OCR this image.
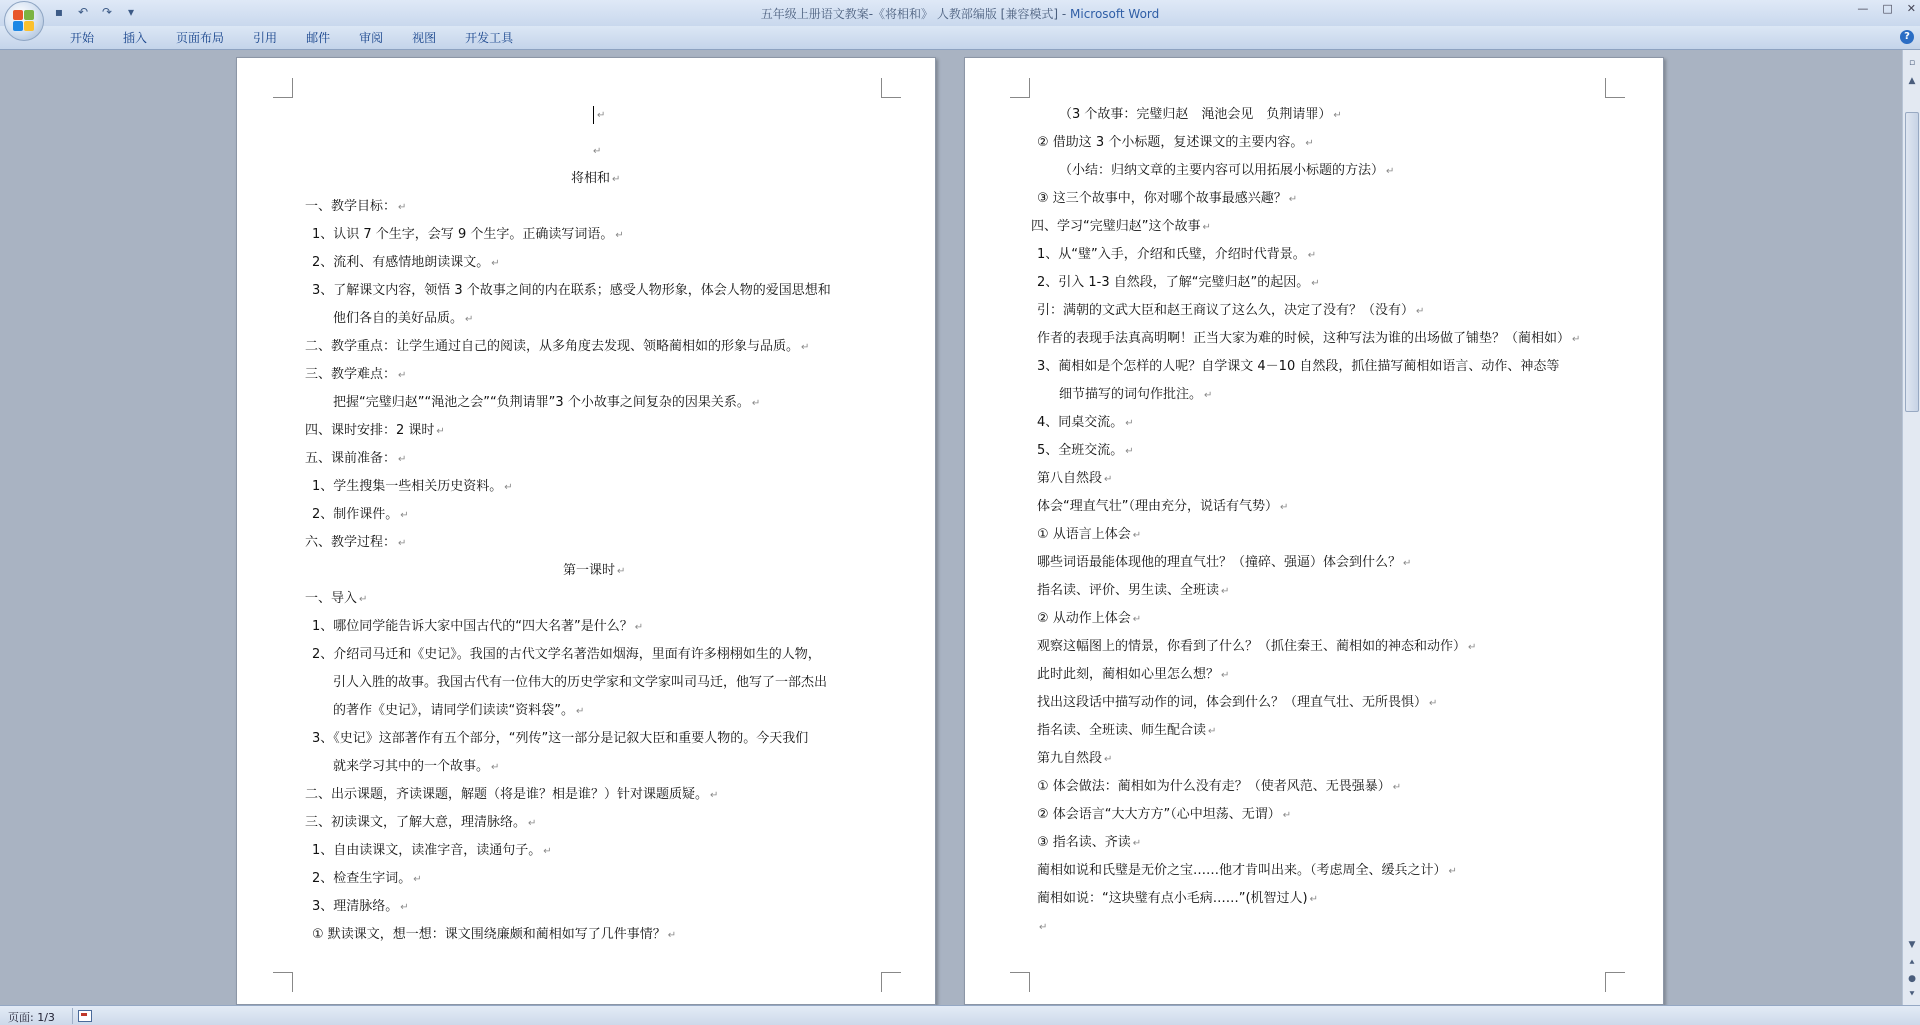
▪	↶	↷	▾	五年级上册语文教案-《将相和》 人教部编版 [兼容模式] - Microsoft Word	— □ ✕
开始	插入	页面布局	引用	邮件	审阅	视图	开发工具	?
↵
↵
将相和 ↵
一、教学目标： ↵
1、认识 7 个生字，会写 9 个生字。正确读写词语。 ↵
2、流利、有感情地朗读课文。 ↵
3、了解课文内容，领悟 3 个故事之间的内在联系；感受人物形象，体会人物的爱国思想和
他们各自的美好品质。 ↵
二、教学重点：让学生通过自己的阅读，从多角度去发现、领略蔺相如的形象与品质。 ↵
三、教学难点： ↵
把握“完璧归赵”“渑池之会”“负荆请罪”3 个小故事之间复杂的因果关系。 ↵
四、课时安排：2 课时 ↵
五、课前准备： ↵
1、学生搜集一些相关历史资料。 ↵
2、制作课件。 ↵
六、教学过程： ↵
第一课时 ↵
一、导入 ↵
1、哪位同学能告诉大家中国古代的“四大名著”是什么？ ↵
2、介绍司马迁和《史记》。我国的古代文学名著浩如烟海，里面有许多栩栩如生的人物，
引人入胜的故事。我国古代有一位伟大的历史学家和文学家叫司马迁，他写了一部杰出
的著作《史记》，请同学们读读“资料袋”。 ↵
3、《史记》这部著作有五个部分，“列传”这一部分是记叙大臣和重要人物的。今天我们
就来学习其中的一个故事。 ↵
二、出示课题，齐读课题，解题（将是谁？相是谁？）针对课题质疑。 ↵
三、初读课文，了解大意，理清脉络。 ↵
1、自由读课文，读准字音，读通句子。 ↵
2、检查生字词。 ↵
3、理清脉络。 ↵
① 默读课文，想一想：课文围绕廉颇和蔺相如写了几件事情？ ↵
（3 个故事：完璧归赵　渑池会见　负荆请罪） ↵
② 借助这 3 个小标题，复述课文的主要内容。 ↵
（小结：归纳文章的主要内容可以用拓展小标题的方法） ↵
③ 这三个故事中，你对哪个故事最感兴趣？ ↵
四、学习“完璧归赵”这个故事 ↵
1、从“璧”入手，介绍和氏璧，介绍时代背景。 ↵
2、引入 1-3 自然段，了解“完璧归赵”的起因。 ↵
引：满朝的文武大臣和赵王商议了这么久，决定了没有？（没有） ↵
作者的表现手法真高明啊！正当大家为难的时候，这种写法为谁的出场做了铺垫？（蔺相如） ↵
3、蔺相如是个怎样的人呢？自学课文 4－10 自然段，抓住描写蔺相如语言、动作、神态等
细节描写的词句作批注。 ↵
4、同桌交流。 ↵
5、全班交流。 ↵
第八自然段 ↵
体会“理直气壮”（理由充分，说话有气势） ↵
① 从语言上体会 ↵
哪些词语最能体现他的理直气壮？（撞碎、强逼）体会到什么？ ↵
指名读、评价、男生读、全班读 ↵
② 从动作上体会 ↵
观察这幅图上的情景，你看到了什么？（抓住秦王、蔺相如的神态和动作） ↵
此时此刻，蔺相如心里怎么想？ ↵
找出这段话中描写动作的词，体会到什么？（理直气壮、无所畏惧） ↵
指名读、全班读、师生配合读 ↵
第九自然段 ↵
① 体会做法：蔺相如为什么没有走？（使者风范、无畏强暴） ↵
② 体会语言“大大方方”（心中坦荡、无谓） ↵
③ 指名读、齐读 ↵
蔺相如说和氏璧是无价之宝……他才肯叫出来。（考虑周全、缓兵之计） ↵
蔺相如说：“这块璧有点小毛病……”(机智过人) ↵
↵
▫
▲
▼
⯅
●
⯆
页面: 1/3
